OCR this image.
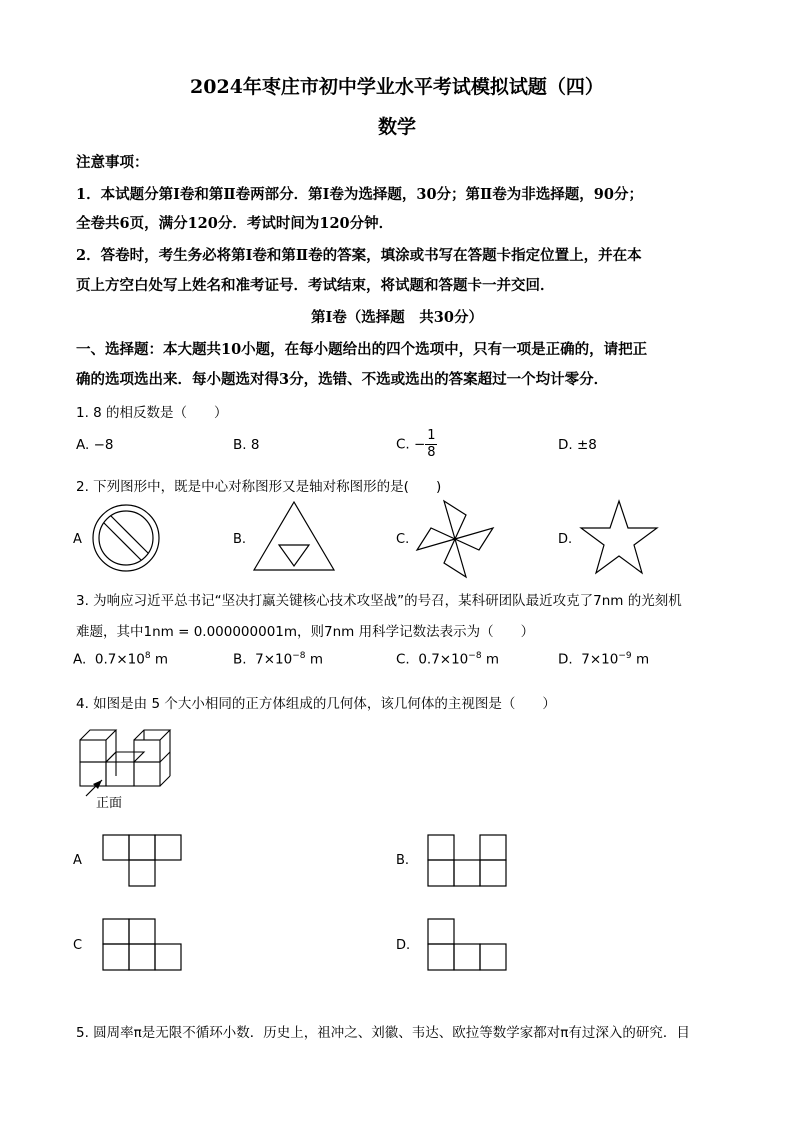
2024年枣庄市初中学业水平考试模拟试题（四）
数学
注意事项：
1．本试题分第Ⅰ卷和第Ⅱ卷两部分．第Ⅰ卷为选择题，30分；第Ⅱ卷为非选择题，90分；
全卷共6页，满分120分．考试时间为120分钟．
2．答卷时，考生务必将第Ⅰ卷和第Ⅱ卷的答案，填涂或书写在答题卡指定位置上，并在本
页上方空白处写上姓名和准考证号．考试结束，将试题和答题卡一并交回．
第Ⅰ卷（选择题　共30分）
一、选择题：本大题共10小题，在每小题给出的四个选项中，只有一项是正确的，请把正
确的选项选出来．每小题选对得3分，选错、不选或选出的答案超过一个均计零分．
1. 8 的相反数是（　　）
A. −8	B. 8	C. − $\frac{1}{8}$	D. ±8
2. 下列图形中，既是中心对称图形又是轴对称图形的是(　　)
A	B.	C.	D.
3. 为响应习近平总书记“坚决打赢关键核心技术攻坚战”的号召，某科研团队最近攻克了7nm 的光刻机
难题，其中1nm = 0.000000001m，则7nm 用科学记数法表示为（　　）
A. $0.7\times 10^8$ m	B. $7\times 10^{-8}$ m	C. $0.7\times 10^{-8}$ m	D. $7\times 10^{-9}$ m
4. 如图是由 5 个大小相同的正方体组成的几何体，该几何体的主视图是（　　）
正面
A	B.
C	D.
5. 圆周率π是无限不循环小数．历史上，祖冲之、刘徽、韦达、欧拉等数学家都对π有过深入的研究．目
